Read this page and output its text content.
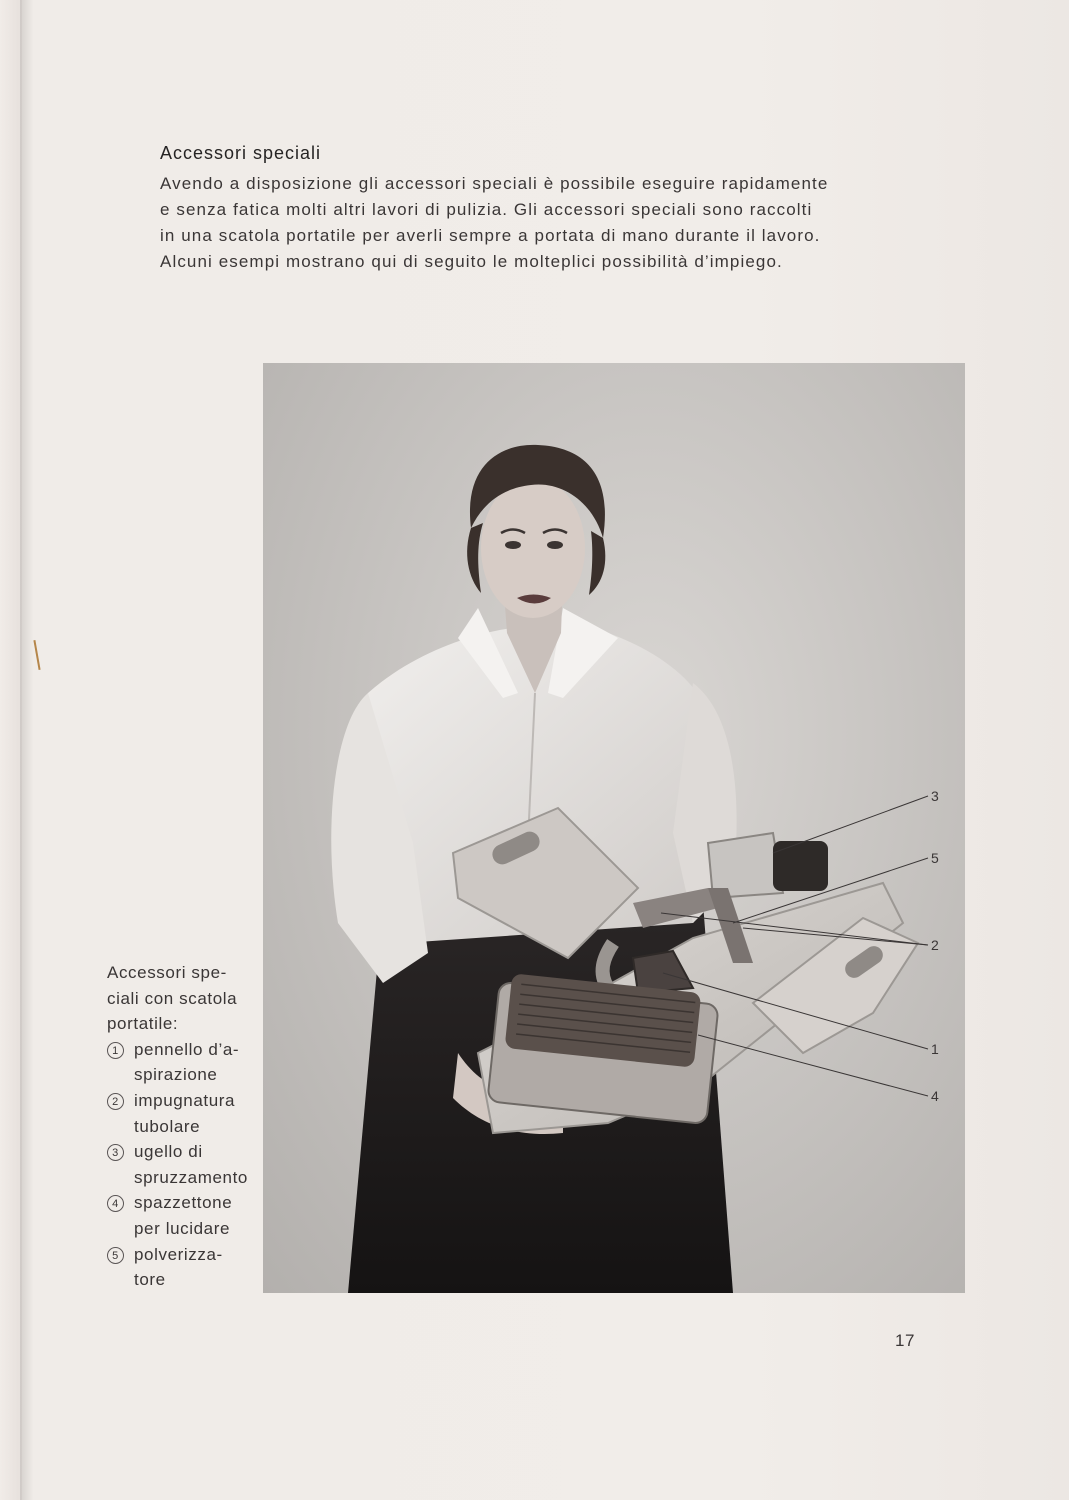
Accessori speciali
Avendo a disposizione gli accessori speciali è possibile eseguire rapidamente
e senza fatica molti altri lavori di pulizia. Gli accessori speciali sono raccolti
in una scatola portatile per averli sempre a portata di mano durante il lavoro.
Alcuni esempi mostrano qui di seguito le molteplici possibilità d’impiego.
3
5
2
1
4
Accessori spe-
ciali con scatola
portatile:
1 pennello d’a-
spirazione
2 impugnatura
tubolare
3 ugello di
spruzzamento
4 spazzettone
per lucidare
5 polverizza-
tore
17
